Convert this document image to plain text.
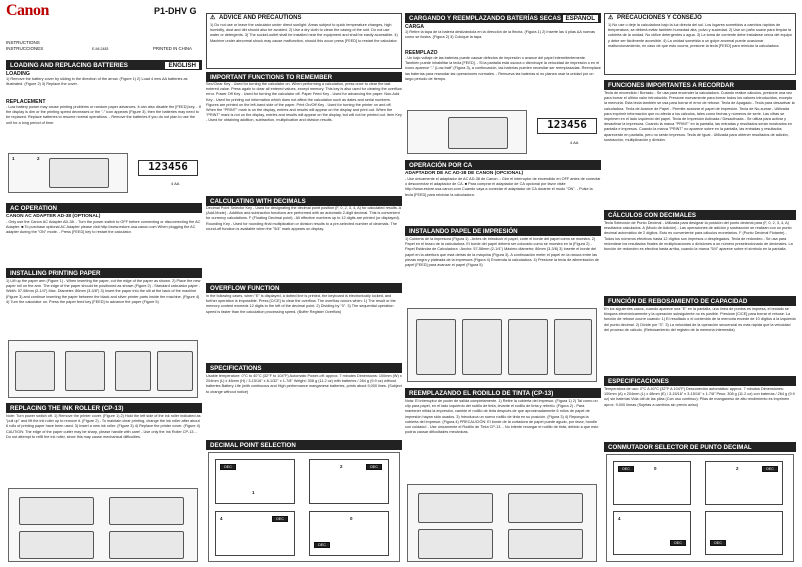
Canon	P1-DHV G
INSTRUCTIONS
INSTRUCCIONES	E-IM-2483	PRINTED IN CHINA
LOADING AND REPLACING BATTERIES	ENGLISH
LOADING
1) Remove the battery cover by sliding in the direction of the arrow. (Figure 1) 2) Load 4 new AA batteries as illustrated. (Figure 2) 3) Replace the cover.
REPLACEMENT
- Low battery power may cause printing problems or random paper advances. It can also disable the [FEED] key. - If the display is dim or the printing speed decreases or the "-" icon appears (Figure 3), then the batteries may need to be replaced. Replace batteries to resume normal operations. - Remove the batteries if you do not plan to use the unit for a long period of time.
1	2
123456
4 AA
AC OPERATION
CANON AC ADAPTER AD-38 (OPTIONAL)
- Only use the Canon AC Adapter AD-38. - Turn the power switch to OFF before connecting or disconnecting the AC Adapter. ■ To purchase optional AC Adapter please visit http://www.estore.usa.canon.com When plugging the AC adapter during the "ON" mode. - Press [FEED] key to restart the calculator.
INSTALLING PRINTING PAPER
1) Lift up the paper arm (Figure 1) - When inserting the paper, cut the edge of the paper as shown. 2) Place the new paper roll on the arm. The edge of the paper should be positioned as shown (Figure 2) - Standard calculator paper - Width: 57-58mm (2-1/4") Max. Diameter: 86mm (3-3/8") 3) Insert the paper into the slit at the back of the machine (Figure 3) and continue inserting the paper between the black and silver printer parts inside the machine. (Figure 4) 4) Turn the calculator on. Press the paper feed key [FEED] to advance the paper (Figure 5)
REPLACING THE INK ROLLER (CP-13)
Note: Turn power switch off. 1) Remove the printer cover. (Figure 1) 2) Hold the left side of the ink roller indicated as "pull up" and lift the ink roller up to remove it. (Figure 2) - To maintain clear printing, change the ink roller after about 6 rolls of printing paper have been used. 3) Insert a new ink roller. (Figure 3) 4) Replace the printer cover. (Figure 4) CAUTION: The edge of the paper cutter may be sharp, please handle with care! - Use only the Ink Roller CP-13. - Do not attempt to refill the ink roller, since this may cause mechanical difficulties.
⚠ ADVICE AND PRECAUTIONS
1) Do not use or leave the calculator under direct sunlight. Areas subject to quick temperature changes, high humidity, dust and dirt should also be avoided. 2) Use a dry cloth to clean the casing of the unit. Do not use water or detergents. 3) The socket-outlet shall be installed near the equipment and shall be easily accessible. 4) Machine under abnormal shock may cause malfunction, should this occur press [FEED] to restart the calculator.
IMPORTANT FUNCTIONS TO REMEMBER
Sec/Clear Key - Used for turning the calculator on. When performing a calculation, press once to clear the last entered value. Press again to clear all entered values, except memory. This key is also used for clearing the overflow error. Power Off Key - Used for turning the calculator off. Paper Feed Key - Used for advancing the paper. Non-Add Key - Used for printing out information which does not affect the calculation such as dates and serial numbers. Figures are printed on the left-hand side of the paper. Print On/Off Key - Used for turning the printer on and off. When the "PRINT" mark is on the display, entries and results will appear on the display and print out. When the "PRINT" mark is not on the display, entries and results will appear on the display, but will not be printed out. Item Key - Used for obtaining addition, subtraction, multiplication and division results.
CALCULATING WITH DECIMALS
Decimal Point Selector Key - Used for designating the decimal point position (F, 0, 2, 3, 4, A) for calculated results. A (Add-Mode) - Addition and subtraction functions are performed with an automatic 2-digit decimal. This is convenient for currency calculations. F (Floating Decimal point) - All effective numbers up to 12 digits are printed (or displayed). Rounding Key - Used for rounding final multiplication or division results to a pre-selected number of decimals. The round-off function is available when the "5/4" mark appears on display.
OVERFLOW FUNCTION
In the following cases, when "E" is displayed, a dotted line is printed, the keyboard is electronically locked, and further operation is impossible. Press [C/CE] to clear the overflow. The overflow occurs when: 1) The result or the memory content exceeds 12 digits to the left of the decimal point. 2) Dividing by "0". 3) The sequential operation speed is faster than the calculation processing speed. (Buffer Register Overflow)
SPECIFICATIONS
Usable temperature: 0°C to 40°C (32°F to 104°F) Automatic Power-off: approx. 7 minutes Dimensions: 100mm (W) x 204mm (L) x 48mm (H) / 3-15/16" x 8-1/32" x 1-7/8" Weight: 308 g (11.2 oz) with batteries / 264 g (9.9 oz) without batteries Battery Life (with continuous and High performance manganese batteries, prints about 9,000 lines. (Subject to change without notice)
DECIMAL POINT SELECTION
DEC
1
DEC
2
DEC
4
DEC
0
CARGANDO Y REEMPLAZANDO BATERÍAS SECAS ESPAÑOL
CARGA
1) Retire la tapa de la batería deslizándola en la dirección de la flecha. (Figura 1) 2) Inserte las 4 pilas AA nuevas como se ilustra. (Figura 2) 3) Coloque la tapa.
REEMPLAZO
- Un bajo voltaje de las baterías puede causar defectos de impresión o avance del papel intermitentemente. También puede inhabilitar la tecla [FEED]. - Si la pantalla está oscura o disminuye la velocidad de impresión o en el ícono aparece "-" (Low-batt" (Figura 3), a continuación, las baterías pueden necesitar ser reemplazadas. Reemplace las baterías para reanudar las operaciones normales. - Remueva las baterías si no planea usar la unidad por un largo período de tiempo.
123456
4 AA
OPERACIÓN POR CA
ADAPTADOR DE AC AD-38 DE CANON (OPCIONAL)
- Use únicamente el adaptador de AC AD-38 de Canon. - Gire el interruptor de encendido en OFF antes de conectar o desconectar el adaptador de CA. ■ Para comprar el adaptador de CA opcional por favor visite http://www.estore.usa.canon.com Cuando vaya a conectar el adaptador de CA durante el modo "ON". - Pulse la tecla [FEED] para reiniciar la calculadora.
INSTALANDO PAPEL DE IMPRESIÓN
1) Cubierta de la impresora (Figura 1) - Antes de introducir el papel, corte el borde del papel como se muestra. 2) Papel en el brazo de la calculadora. El borde del papel deberá ser colocado como se muestra en la (Figura 2) - Papel Estándar de Calculadora : Ancho: 57-58mm (2-1/4") Máximo diámetro: 86mm (3-3/8) 3) Inserte el borde del papel en la abertura que está detrás de la máquina (Figura 3). A continuación meter el papel en la ranura entre las piezas negra y plateada de la impresora (Figura 4) Encienda la calculadora. 4) Presione la tecla de alimentación de papel [FEED] para avanzar el papel (Figura 5)
REEMPLAZANDO EL RODILLO DE TINTA (CP-13)
Nota: El interruptor de poder de salida completamente. 1) Retire la cubierta del impresor. (Figura 1) 2) Tal como un clip para papel, en el lado izquierdo del rodillo de tinta, levante el rodillo de tinta y retírelo. (Figura 2) - Para mantener nítida la impresión, cambie el rodillo de tinta después de que aproximadamente 6 rollos de papel de impresión hayan sido usados. 3) Introduzca un nuevo rodillo de tinta en su posición. (Figura 3) 4) Reponga la cubierta del impresor. (Figura 4) PRECAUCIÓN: El borde de la cortadora de papel puede agudo, por favor, hondle con cuidado! - Use únicamente el Rodillo de Tinta CP-13. - No intente recargar el rodillo de tinta, debido a que esto podría causar dificultades mecánicas.
⚠ PRECAUCIONES Y CONSEJO
1) No use o deje la calculadora bajo la luz directa del sol. Los lugares sometidos a cambios rápidos de temperatura, se deberá evitar también humedad alta, polvo y suciedad. 2) Use un paño suave para limpiar la cubierta de la unidad. No utilice detergentes o agua. 3) La toma de corriente debe instalarse cerca del equipo y debe ser fácilmente accesible. 4) La unidad sometida a un golpe anormal puede ocasionar malfuncionamiento, en caso de que esto ocurra, presione la tecla [FEED] para reiniciar la calculadora.
FUNCIONES IMPORTANTES A RECORDAR
Tecla de encendido / Borrado - Se usa para encender la calculadora. Cuando realice cálculos, presione una vez para borrar el último valor introducido. Presione nuevamente para borrar todos los valores introducidos, excepto la memoria. Esta tecla también se usa para borrar el error de rebose. Tecla de Apagado - Tecla para desactivar la calculadora. Tecla de Avance de Papel - Permite avanzar el papel de impresión. Tecla de No-sumar - Utilizada para imprimir información que no afecta a los cálculos, tales como fechas y números de serie. Las cifras se imprimen en el lado izquierdo del papel. Tecla de Impresión Activada / Desactivada - Se utiliza para activar y desactivar la impresora. Cuando la marca "PRINT" en la pantalla, las entradas y resultados serán mostrados en pantalla e impresos. Cuando la marca "PRINT" no aparece sobre en la pantalla, las entradas y resultados aparecerán en pantalla, pero no serán impresos. Tecla de Igual - Utilizada para obtener resultados de adición, sustracción, multiplicación y división.
CÁLCULOS CON DECIMALES
Tecla Selección de Punto Decimal - Utilizada para designar la posición del punto decimal para (F, 0, 2, 3, 4, A) resultados calculados. A (Modo de Adición) - Las operaciones de adición y sustracción se realizan con un punto decimal automático de 2 dígitos. Esto es conveniente para cálculos monetarios. F (Punto Decimal Flotante) - Todos los números efectivos hasta 12 dígitos son impresos o desplegados. Tecla de redondeo - Se usa para redondear los resultados finales de multiplicaciones o divisiones a un número preseleccionado de decimales. La función de redondeo es efectiva hasta arriba, cuando la marca "5/4" aparece sobre el símbolo en la pantalla.
FUNCIÓN DE REBOSAMIENTO DE CAPACIDAD
En los siguientes casos, cuando aparece una "E" en la pantalla, una línea de puntos es impresa, el teclado se bloquea electrónicamente y la operación subsiguiente no es posible. Presione [C/CE] para borrar el rebose. La función de rebose ocurre cuando: 1) El resultado o el contenido de la memoria excede de 10 dígitos a la izquierda del punto decimal. 2) Divide por "0". 3) La velocidad de la operación secuencial es más rápida que la velocidad del proceso de cálculo. (Rebosamiento del registro de la memoria intermedia)
ESPECIFICACIONES
Temperatura de uso: 0°C A 40°C (32°F A 104°F) Desconexión automática: approx. 7 minutos Dimensiones: 100mm (A) x 204mm (L) x 48mm (E) / 3-15/16" x 3-15/16" x 1-7/8" Peso: 308 g (11.2 oz) con baterías / 264 g (9.9 oz) sin baterías Vida útil de las pilas (Con uso continuo): Pilas de manganeso de alto rendimiento es imprimen aprox. 9,000 líneas (Sujetas a cambios sin previo aviso)
CONMUTADOR SELECTOR DE PUNTO DECIMAL
DEC	0	DEC
2
DEC
4
DEC
